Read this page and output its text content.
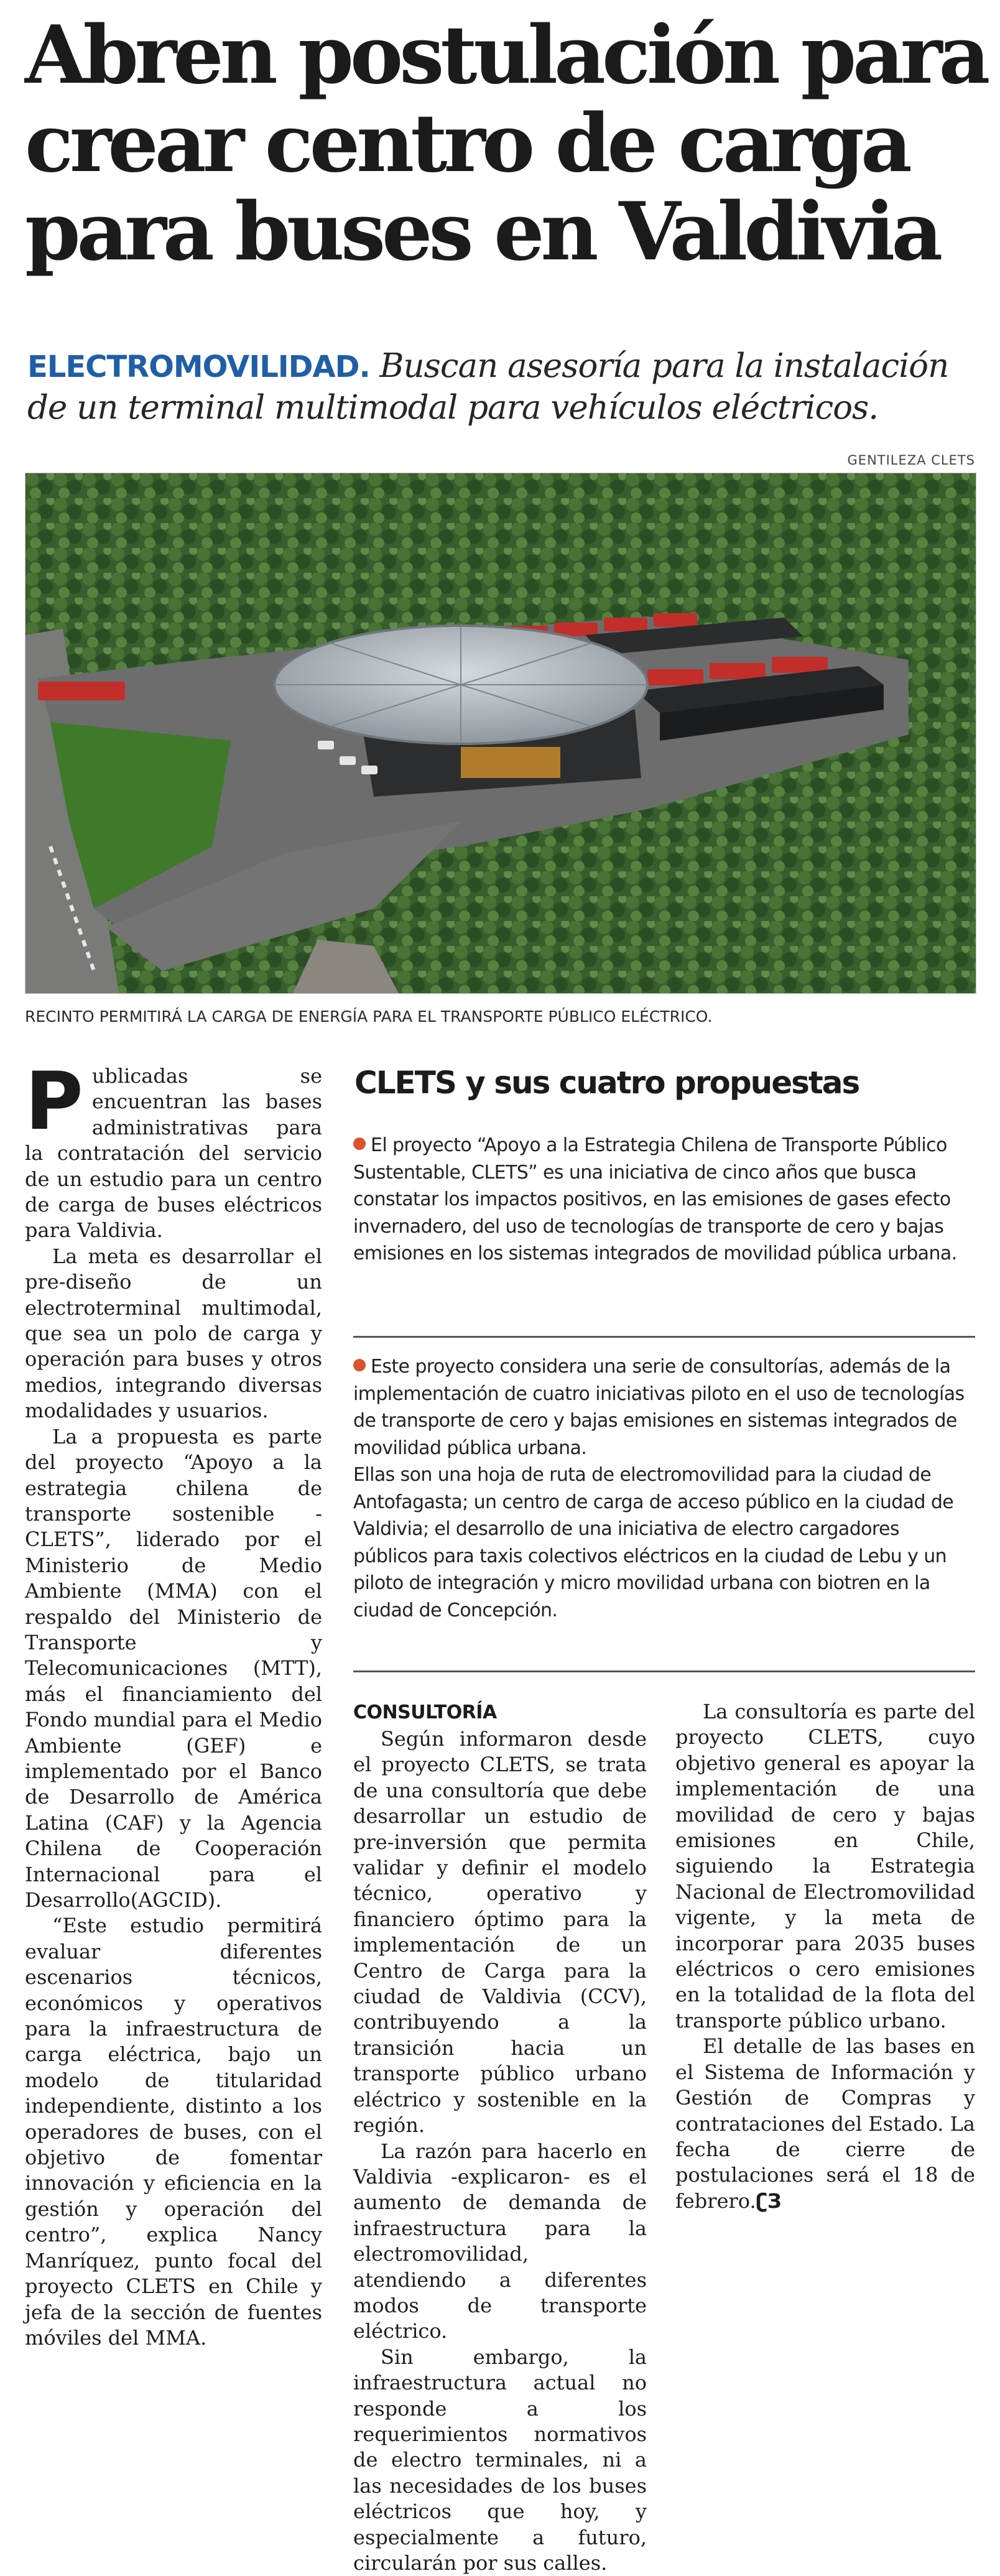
Abren postulación para
crear centro de carga
para buses en Valdivia
ELECTROMOVILIDAD. Buscan asesoría para la instalación de un terminal multimodal para vehículos eléctricos.
GENTILEZA CLETS
RECINTO PERMITIRÁ LA CARGA DE ENERGÍA PARA EL TRANSPORTE PÚBLICO ELÉCTRICO.

Publicadas se encuentran las bases administrativas para la contratación del servicio de un estudio para un centro de carga de buses eléctricos para Valdivia.

La meta es desarrollar el pre-diseño de un electroterminal multimodal, que sea un polo de carga y operación para buses y otros medios, integrando diversas modalidades y usuarios.

La a propuesta es parte del proyecto “Apoyo a la estrategia chilena de transporte sostenible - CLETS”, liderado por el Ministerio de Medio Ambiente (MMA) con el respaldo del Ministerio de Transporte y Telecomunicaciones (MTT), más el financiamiento del Fondo mundial para el Medio Ambiente (GEF) e implementado por el Banco de Desarrollo de América Latina (CAF) y la Agencia Chilena de Cooperación Internacional para el Desarrollo(AGCID).

“Este estudio permitirá evaluar diferentes escenarios técnicos, económicos y operativos para la infraestructura de carga eléctrica, bajo un modelo de titularidad independiente, distinto a los operadores de buses, con el objetivo de fomentar innovación y eficiencia en la gestión y operación del centro”, explica Nancy Manríquez, punto focal del proyecto CLETS en Chile y jefa de la sección de fuentes móviles del MMA.

CLETS y sus cuatro propuestas

El proyecto “Apoyo a la Estrategia Chilena de Transporte Público Sustentable, CLETS” es una iniciativa de cinco años que busca constatar los impactos positivos, en las emisiones de gases efecto invernadero, del uso de tecnologías de transporte de cero y bajas emisiones en los sistemas integrados de movilidad pública urbana.

Este proyecto considera una serie de consultorías, además de la implementación de cuatro iniciativas piloto en el uso de tecnologías de transporte de cero y bajas emisiones en sistemas integrados de movilidad pública urbana.

Ellas son una hoja de ruta de electromovilidad para la ciudad de Antofagasta; un centro de carga de acceso público en la ciudad de Valdivia; el desarrollo de una iniciativa de electro cargadores públicos para taxis colectivos eléctricos en la ciudad de Lebu y un piloto de integración y micro movilidad urbana con biotren en la ciudad de Concepción.

CONSULTORÍA

Según informaron desde el proyecto CLETS, se trata de una consultoría que debe desarrollar un estudio de pre-inversión que permita validar y definir el modelo técnico, operativo y financiero óptimo para la implementación de un Centro de Carga para la ciudad de Valdivia (CCV), contribuyendo a la transición hacia un transporte público urbano eléctrico y sostenible en la región.

La razón para hacerlo en Valdivia -explicaron- es el aumento de demanda de infraestructura para la electromovilidad, atendiendo a diferentes modos de transporte eléctrico.

Sin embargo, la infraestructura actual no responde a los requerimientos normativos de electro terminales, ni a las necesidades de los buses eléctricos que hoy, y especialmente a futuro, circularán por sus calles.

La consultoría es parte del proyecto CLETS, cuyo objetivo general es apoyar la implementación de una movilidad de cero y bajas emisiones en Chile, siguiendo la Estrategia Nacional de Electromovilidad vigente, y la meta de incorporar para 2035 buses eléctricos o cero emisiones en la totalidad de la flota del transporte público urbano.

El detalle de las bases en el Sistema de Información y Gestión de Compras y contrataciones del Estado. La fecha de cierre de postulaciones será el 18 de febrero.ʗЗ
